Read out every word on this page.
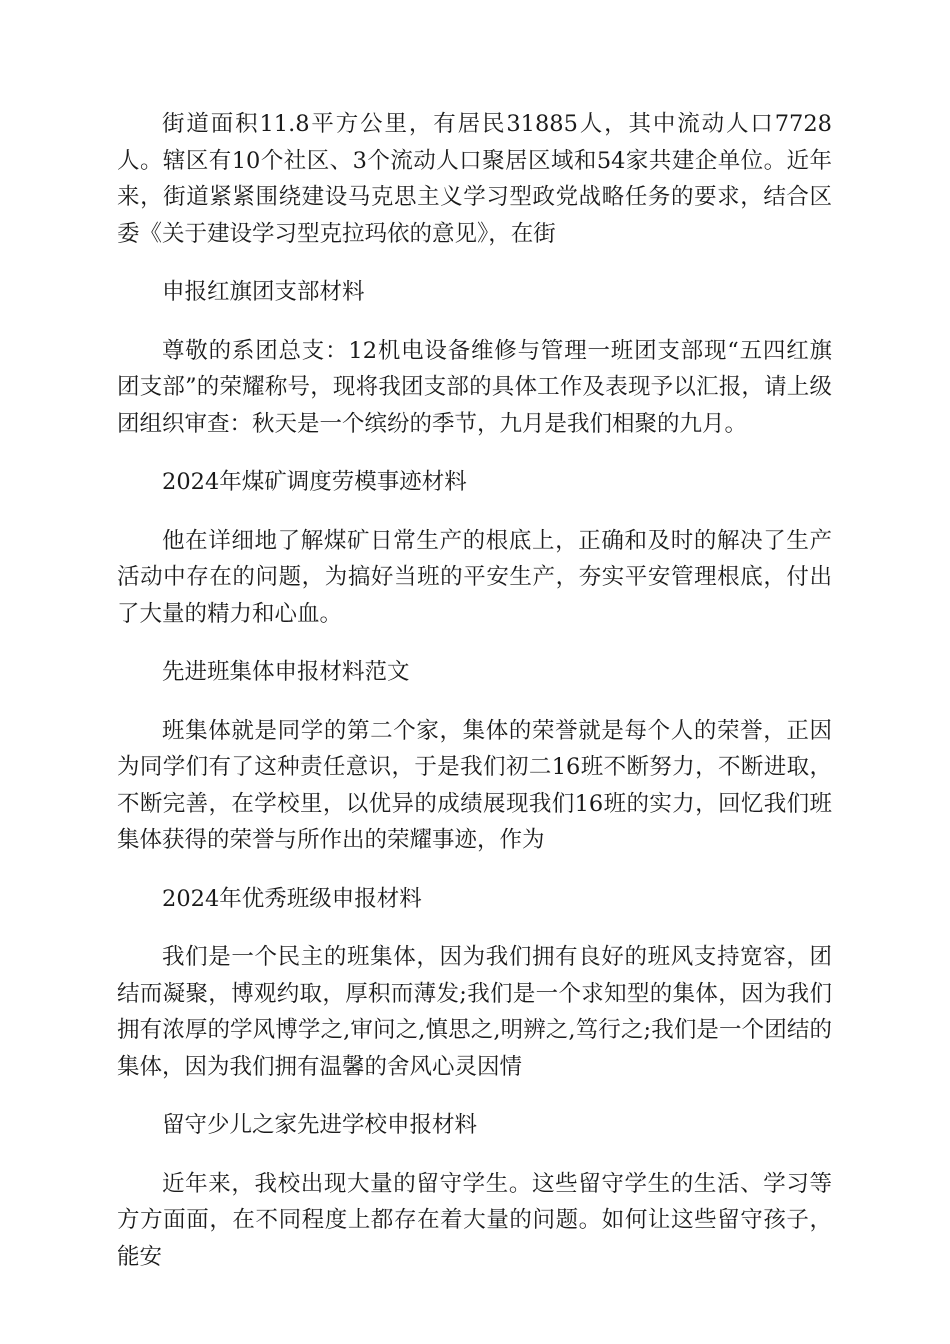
街道面积11.8平方公里，有居民31885人，其中流动人口7728人。辖区有10个社区、3个流动人口聚居区域和54家共建企单位。近年来，街道紧紧围绕建设马克思主义学习型政党战略任务的要求，结合区委《关于建设学习型克拉玛依的意见》，在街

申报红旗团支部材料

尊敬的系团总支：12机电设备维修与管理一班团支部现“五四红旗团支部”的荣耀称号，现将我团支部的具体工作及表现予以汇报，请上级团组织审查：秋天是一个缤纷的季节，九月是我们相聚的九月。

2024年煤矿调度劳模事迹材料

他在详细地了解煤矿日常生产的根底上，正确和及时的解决了生产活动中存在的问题，为搞好当班的平安生产，夯实平安管理根底，付出了大量的精力和心血。

先进班集体申报材料范文

班集体就是同学的第二个家，集体的荣誉就是每个人的荣誉，正因为同学们有了这种责任意识，于是我们初二16班不断努力，不断进取，不断完善，在学校里，以优异的成绩展现我们16班的实力，回忆我们班集体获得的荣誉与所作出的荣耀事迹，作为

2024年优秀班级申报材料

我们是一个民主的班集体，因为我们拥有良好的班风支持宽容，团结而凝聚，博观约取，厚积而薄发;我们是一个求知型的集体，因为我们拥有浓厚的学风博学之,审问之,慎思之,明辨之,笃行之;我们是一个团结的集体，因为我们拥有温馨的舍风心灵因情

留守少儿之家先进学校申报材料

近年来，我校出现大量的留守学生。这些留守学生的生活、学习等方方面面，在不同程度上都存在着大量的问题。如何让这些留守孩子，能安
